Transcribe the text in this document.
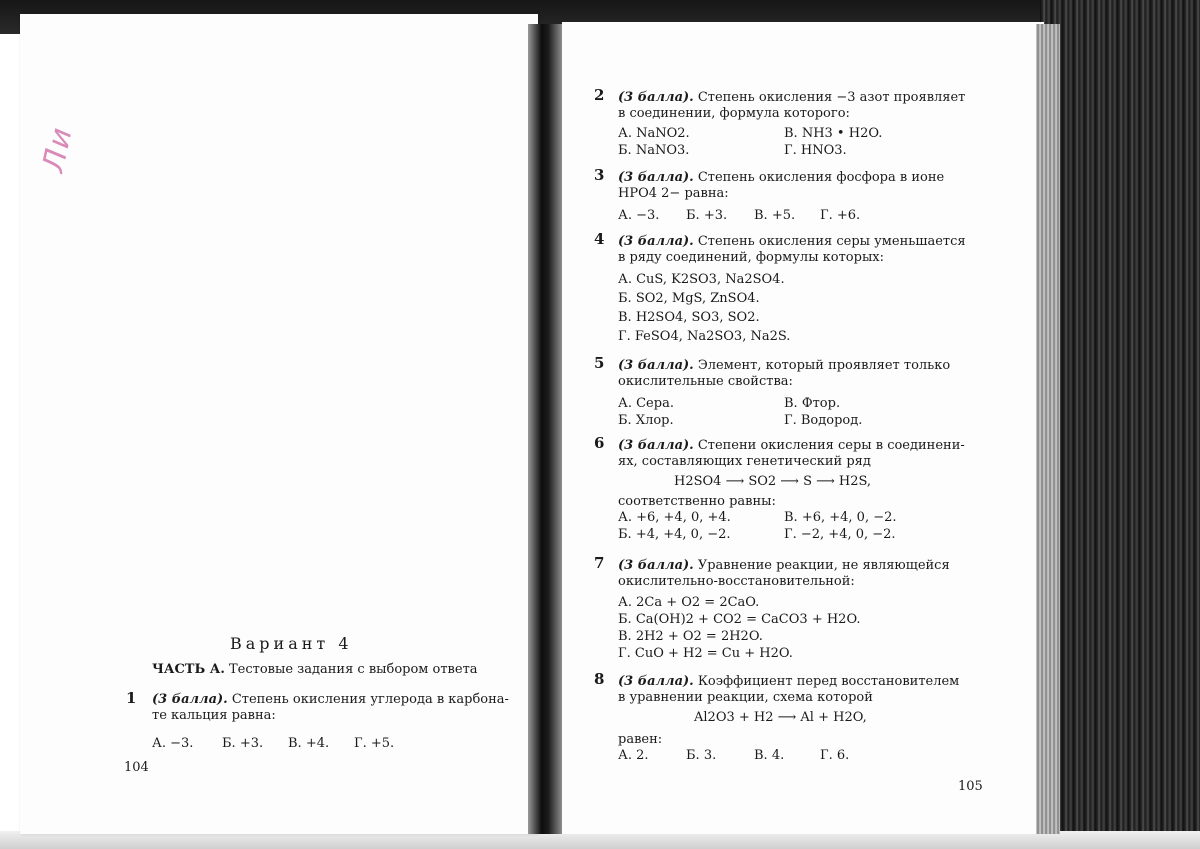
Ли
Вариант 4
ЧАСТЬ А. Тестовые задания с выбором ответа
1 (3 балла). Степень окисления углерода в карбона-
те кальция равна:
А. −3. Б. +3. В. +4. Г. +5.
104
2 (3 балла). Степень окисления −3 азот проявляет
в соединении, формула которого:
А. NaNO2.	В. NH3 • H2O.
Б. NaNO3.	Г. HNO3.
3 (3 балла). Степень окисления фосфора в ионе
HPO4 2− равна:
А. −3. Б. +3. В. +5. Г. +6.
4 (3 балла). Степень окисления серы уменьшается
в ряду соединений, формулы которых:
А. CuS, K2SO3, Na2SO4.
Б. SO2, MgS, ZnSO4.
В. H2SO4, SO3, SO2.
Г. FeSO4, Na2SO3, Na2S.
5 (3 балла). Элемент, который проявляет только
окислительные свойства:
А. Сера.	В. Фтор.
Б. Хлор.	Г. Водород.
6 (3 балла). Степени окисления серы в соединени-
ях, составляющих генетический ряд
H2SO4 ⟶ SO2 ⟶ S ⟶ H2S,
соответственно равны:
А. +6, +4, 0, +4.	В. +6, +4, 0, −2.
Б. +4, +4, 0, −2.	Г. −2, +4, 0, −2.
7 (3 балла). Уравнение реакции, не являющейся
окислительно-восстановительной:
А. 2Ca + O2 = 2CaO.
Б. Ca(OH)2 + CO2 = CaCO3 + H2O.
В. 2H2 + O2 = 2H2O.
Г. CuO + H2 = Cu + H2O.
8 (3 балла). Коэффициент перед восстановителем
в уравнении реакции, схема которой
Al2O3 + H2 ⟶ Al + H2O,
равен:
А. 2.	Б. 3.	В. 4.	Г. 6.
105
